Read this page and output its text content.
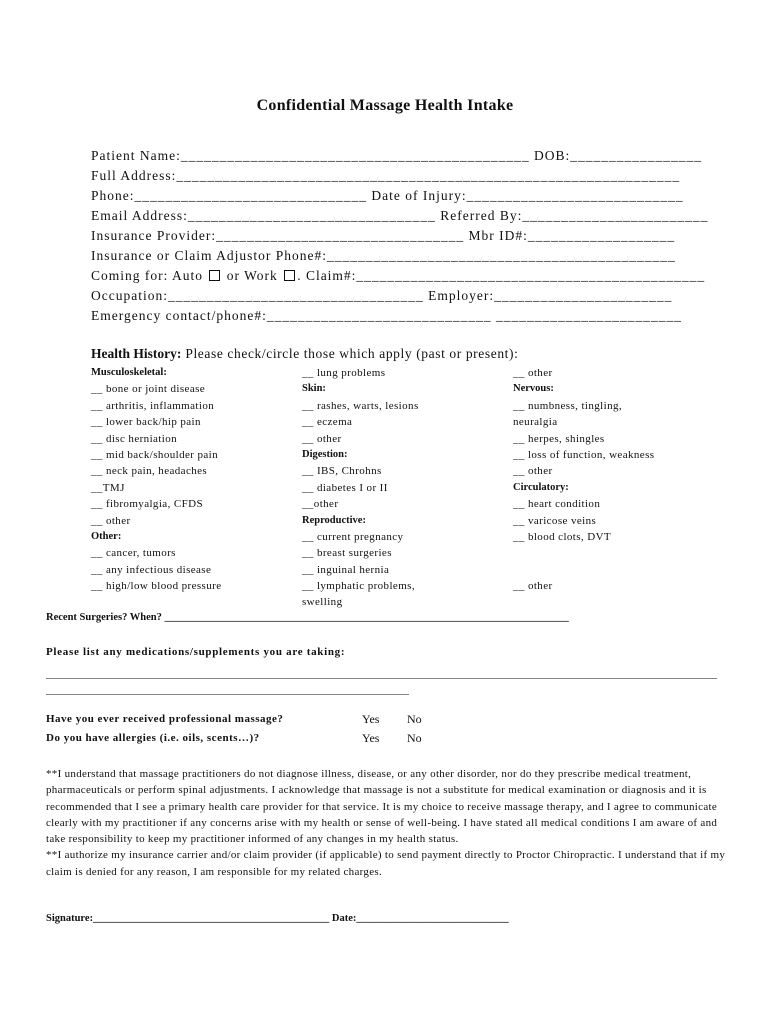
Confidential Massage Health Intake
Patient Name:_____________________________________________ DOB:_________________
Full Address:_________________________________________________________________
Phone:______________________________ Date of Injury:____________________________
Email Address:________________________________ Referred By:________________________
Insurance Provider:________________________________ Mbr ID#:___________________
Insurance or Claim Adjustor Phone#:_____________________________________________
Coming for: Auto  or Work . Claim#:_____________________________________________
Occupation:_________________________________ Employer:_______________________
Emergency contact/phone#:_____________________________ ________________________
Health History: Please check/circle those which apply (past or present):
Musculoskeletal:
__ bone or joint disease
__ arthritis, inflammation
__ lower back/hip pain
__ disc herniation
__ mid back/shoulder pain
__ neck pain, headaches
__TMJ
__ fibromyalgia, CFDS
__ other
Other:
__ cancer, tumors
__ any infectious disease
__ high/low blood pressure
__ lung problems
Skin:
__ rashes, warts, lesions
__ eczema
__ other
Digestion:
__ IBS, Chrohns
__ diabetes I or II
__other
Reproductive:
__ current pregnancy
__ breast surgeries
__ inguinal hernia
__ lymphatic problems,
swelling
__ other
Nervous:
__ numbness, tingling,
neuralgia
__ herpes, shingles
__ loss of function, weakness
__ other
Circulatory:
__ heart condition
__ varicose veins
__ blood clots, DVT
__ other
Recent Surgeries? When? _____________________________________________________________________________
Please list any medications/supplements you are taking:
__________________________________________________________________________________________________________________________
__________________________________________________________________
Have you ever received professional massage?	Yes No
Do you have allergies (i.e. oils, scents…)?	Yes No

**I understand that massage practitioners do not diagnose illness, disease, or any other disorder, nor do they prescribe medical treatment, pharmaceuticals or perform spinal adjustments. I acknowledge that massage is not a substitute for medical examination or diagnosis and it is recommended that I see a primary health care provider for that service. It is my choice to receive massage therapy, and I agree to communicate clearly with my practitioner if any concerns arise with my health or sense of well-being. I have stated all medical conditions I am aware of and take responsibility to keep my practitioner informed of any changes in my health status.

**I authorize my insurance carrier and/or claim provider (if applicable) to send payment directly to Proctor Chiropractic. I understand that if my claim is denied for any reason, I am responsible for my related charges.

Signature:_____________________________________________ Date:_____________________________
